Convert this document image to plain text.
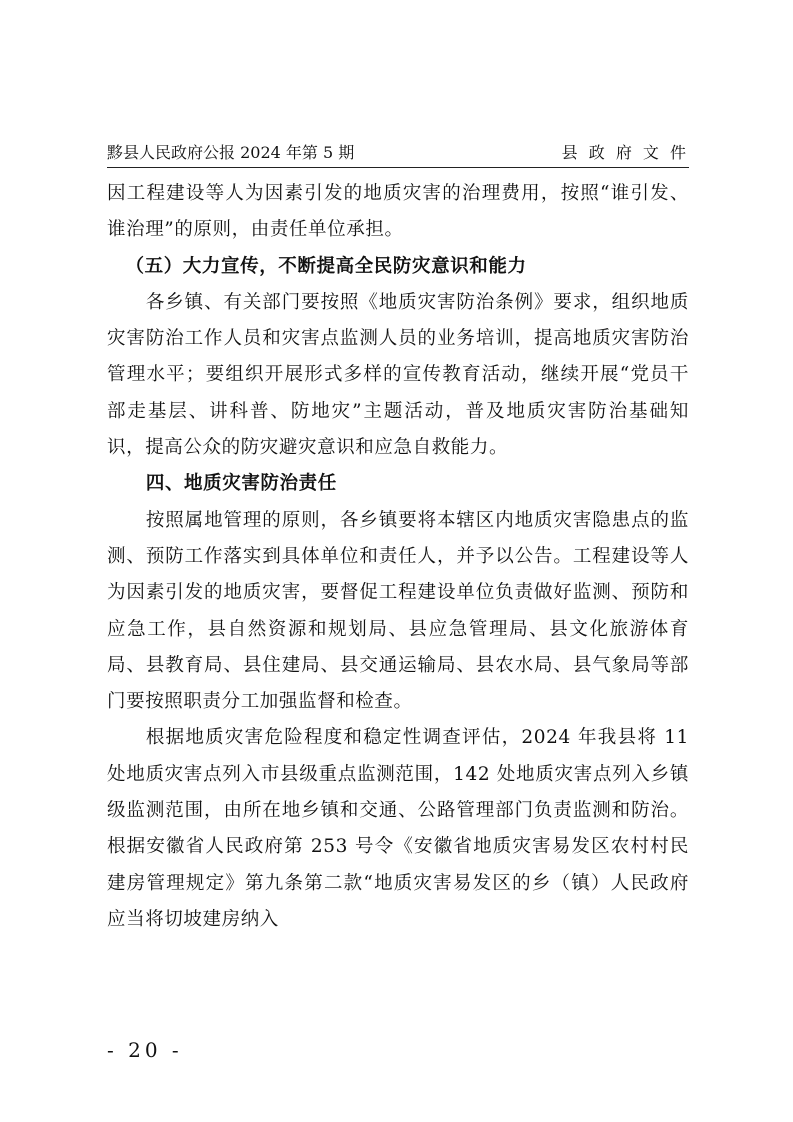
黟县人民政府公报 2024 年第 5 期	县 政 府 文 件

因工程建设等人为因素引发的地质灾害的治理费用，按照“谁引发、谁治理”的原则，由责任单位承担。

（五）大力宣传，不断提高全民防灾意识和能力

各乡镇、有关部门要按照《地质灾害防治条例》要求，组织地质灾害防治工作人员和灾害点监测人员的业务培训，提高地质灾害防治管理水平；要组织开展形式多样的宣传教育活动，继续开展“党员干部走基层、讲科普、防地灾”主题活动，普及地质灾害防治基础知识，提高公众的防灾避灾意识和应急自救能力。

四、地质灾害防治责任

按照属地管理的原则，各乡镇要将本辖区内地质灾害隐患点的监测、预防工作落实到具体单位和责任人，并予以公告。工程建设等人为因素引发的地质灾害，要督促工程建设单位负责做好监测、预防和应急工作，县自然资源和规划局、县应急管理局、县文化旅游体育局、县教育局、县住建局、县交通运输局、县农水局、县气象局等部门要按照职责分工加强监督和检查。

根据地质灾害危险程度和稳定性调查评估，2024 年我县将 11 处地质灾害点列入市县级重点监测范围，142 处地质灾害点列入乡镇级监测范围，由所在地乡镇和交通、公路管理部门负责监测和防治。根据安徽省人民政府第 253 号令《安徽省地质灾害易发区农村村民建房管理规定》第九条第二款“地质灾害易发区的乡（镇）人民政府应当将切坡建房纳入

- 20 -
